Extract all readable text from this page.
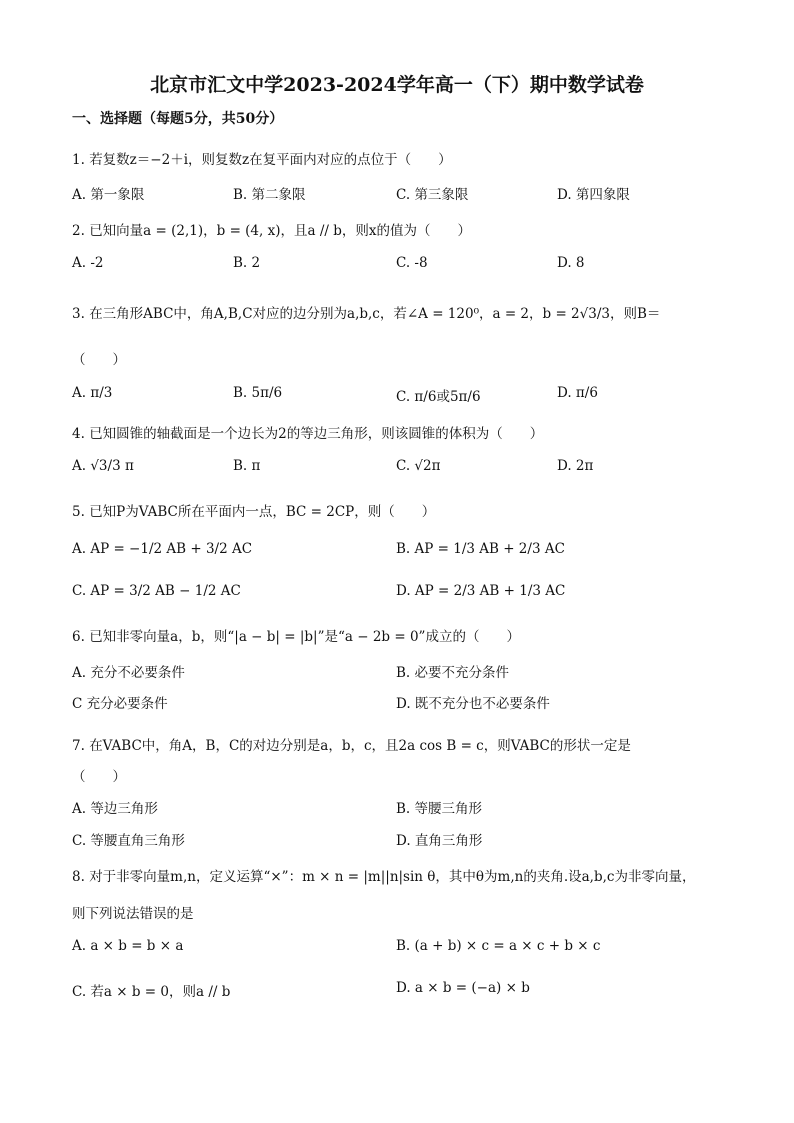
北京市汇文中学2023-2024学年高一（下）期中数学试卷
一、选择题（每题5分，共50分）
1. 若复数z＝−2＋i，则复数z在复平面内对应的点位于（　　）
A. 第一象限	B. 第二象限	C. 第三象限	D. 第四象限
2. 已知向量a = (2,1)，b = (4, x)，且a // b，则x的值为（　　）
A. -2	B. 2	C. -8	D. 8
3. 在三角形ABC中，角A,B,C对应的边分别为a,b,c，若∠A = 120⁰，a = 2，b = 2√3/3，则B＝
（　　）
A. π/3	B. 5π/6	C. π/6或5π/6	D. π/6
4. 已知圆锥的轴截面是一个边长为2的等边三角形，则该圆锥的体积为（　　）
A. √3/3 π	B. π	C. √2π	D. 2π
5. 已知P为VABC所在平面内一点，BC = 2CP，则（　　）
A. AP = −1/2 AB + 3/2 AC	B. AP = 1/3 AB + 2/3 AC
C. AP = 3/2 AB − 1/2 AC	D. AP = 2/3 AB + 1/3 AC
6. 已知非零向量a，b，则“|a − b| = |b|”是“a − 2b = 0”成立的（　　）
A. 充分不必要条件	B. 必要不充分条件
C 充分必要条件	D. 既不充分也不必要条件
7. 在VABC中，角A，B，C的对边分别是a，b，c，且2a cos B = c，则VABC的形状一定是
（　　）
A. 等边三角形	B. 等腰三角形
C. 等腰直角三角形	D. 直角三角形
8. 对于非零向量m,n，定义运算“×”：m × n = |m||n|sin θ，其中θ为m,n的夹角.设a,b,c为非零向量，
则下列说法错误的是
A. a × b = b × a	B. (a + b) × c = a × c + b × c
C. 若a × b = 0，则a // b	D. a × b = (−a) × b
